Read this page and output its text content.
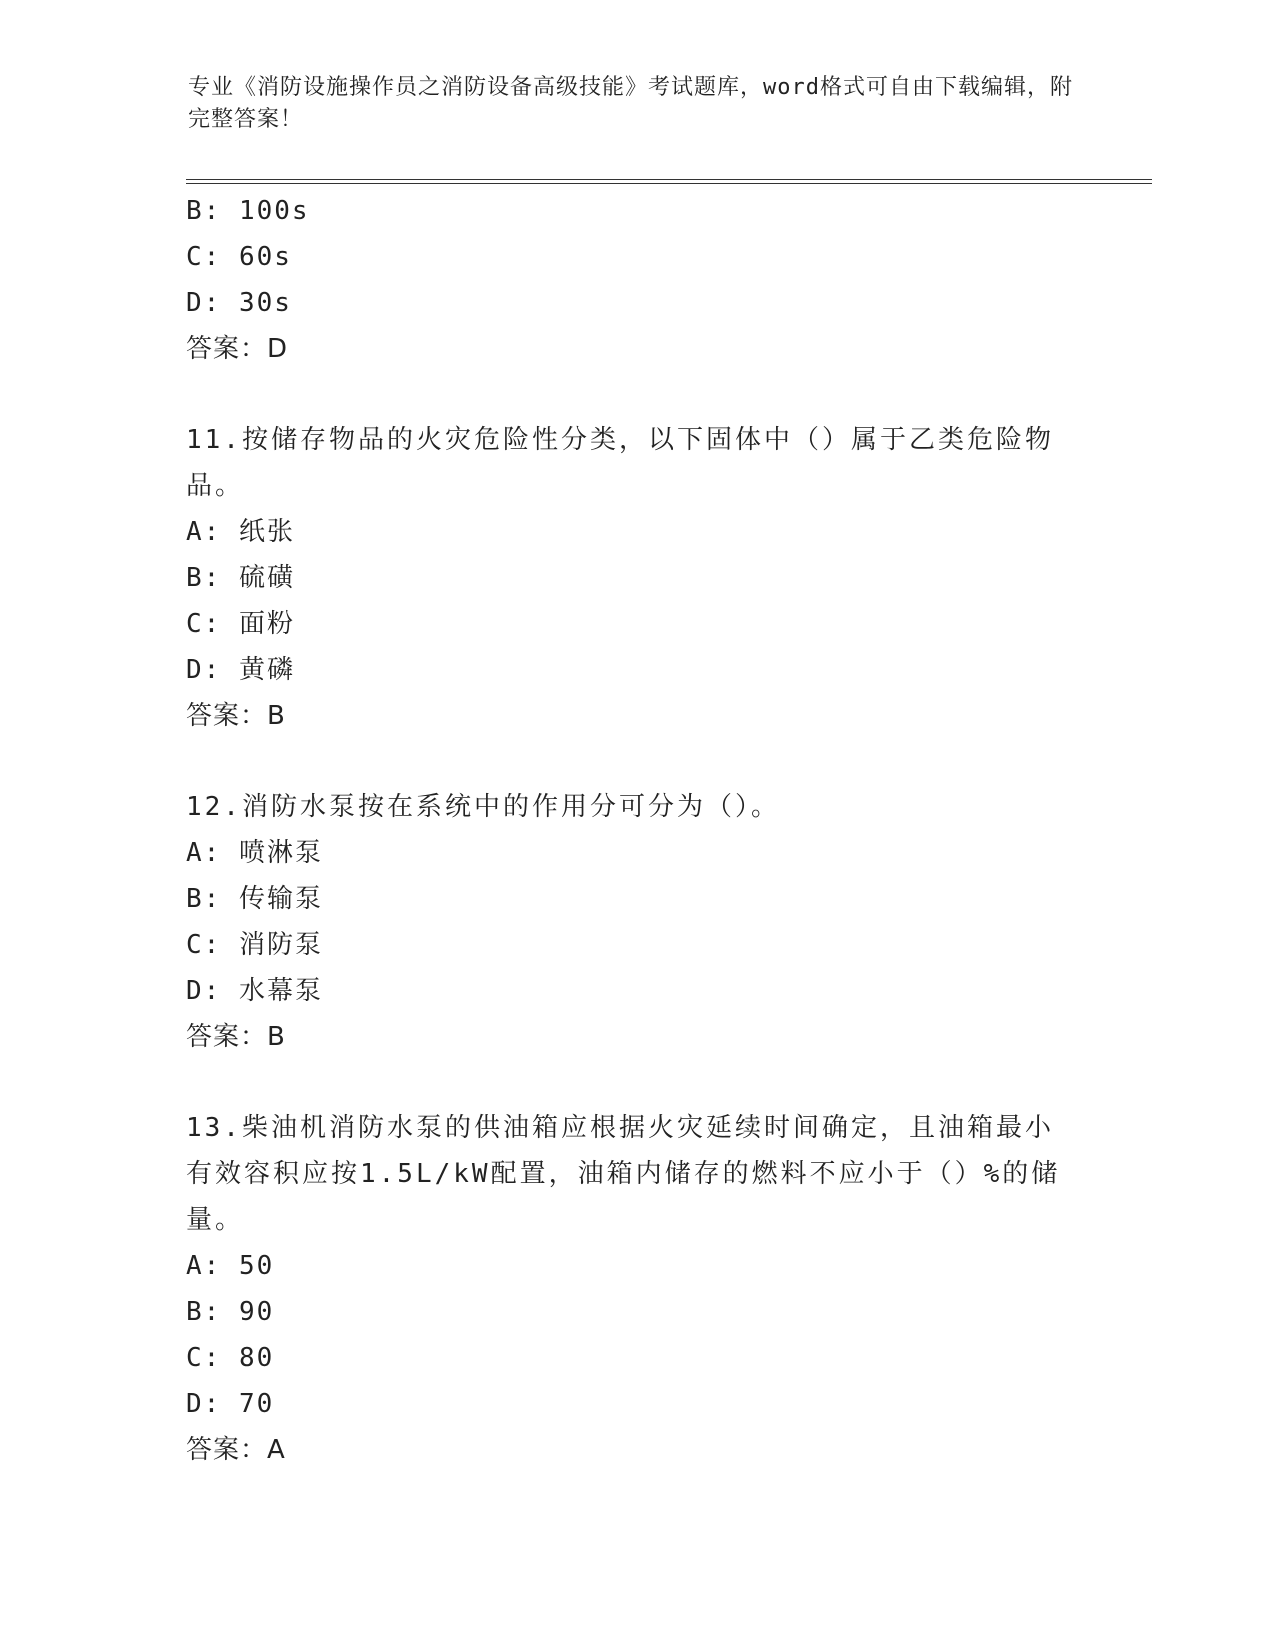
专业《消防设施操作员之消防设备高级技能》考试题库，word格式可自由下载编辑，附完整答案！
B: 100s
C: 60s
D: 30s
答案：D
11.按储存物品的火灾危险性分类，以下固体中（）属于乙类危险物品。
A: 纸张
B: 硫磺
C: 面粉
D: 黄磷
答案：B
12.消防水泵按在系统中的作用分可分为（）。
A: 喷淋泵
B: 传输泵
C: 消防泵
D: 水幕泵
答案：B
13.柴油机消防水泵的供油箱应根据火灾延续时间确定，且油箱最小有效容积应按1.5L/kW配置，油箱内储存的燃料不应小于（）%的储量。
A: 50
B: 90
C: 80
D: 70
答案：A
